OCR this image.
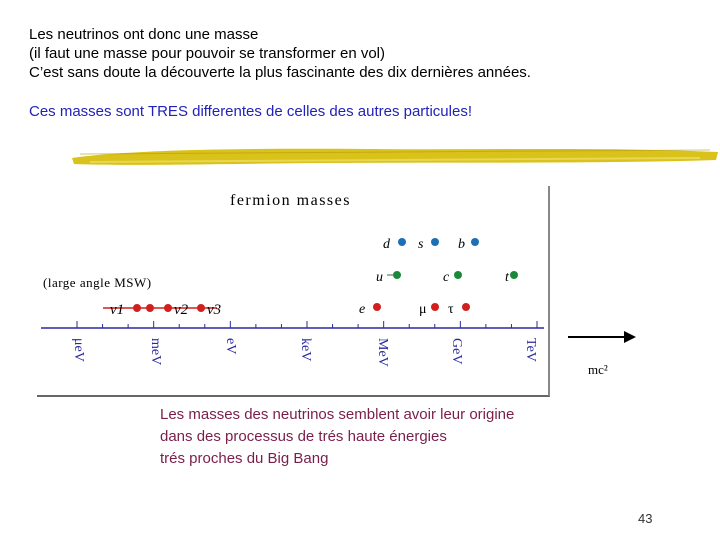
Les neutrinos ont donc une masse
(il faut une masse pour pouvoir se transformer en vol)
C’est sans doute la découverte la plus fascinante des dix dernières années.
Ces masses sont TRES differentes de celles des autres particules!
fermion masses
d s b
u	c	t
(large angle MSW)
e	μ τ
ν1	ν2 ν3
μeV	meV	eV	keV	MeV	GeV	TeV
mc²
Les masses des neutrinos semblent avoir leur origine
dans des processus de trés haute énergies
trés proches du Big Bang
43
